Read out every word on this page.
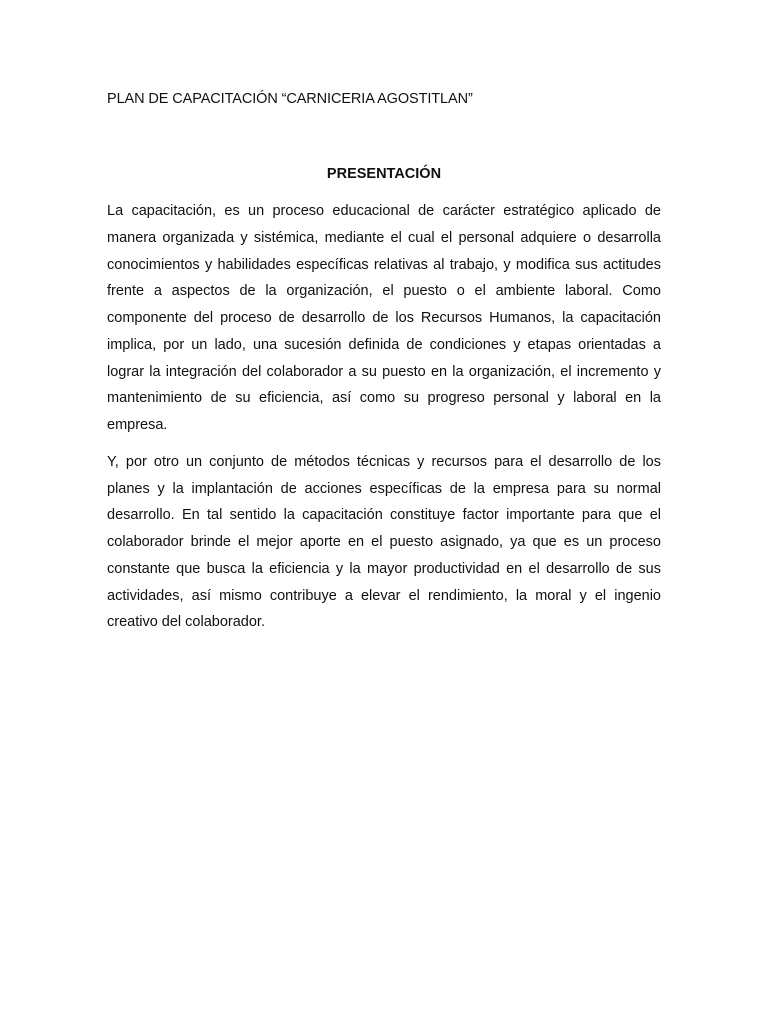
PLAN DE CAPACITACIÓN “CARNICERIA AGOSTITLAN”

PRESENTACIÓN

La capacitación, es un proceso educacional de carácter estratégico aplicado de manera organizada y sistémica, mediante el cual el personal adquiere o desarrolla conocimientos y habilidades específicas relativas al trabajo, y modifica sus actitudes frente a aspectos de la organización, el puesto o el ambiente laboral. Como componente del proceso de desarrollo de los Recursos Humanos, la capacitación implica, por un lado, una sucesión definida de condiciones y etapas orientadas a lograr la integración del colaborador a su puesto en la organización, el incremento y mantenimiento de su eficiencia, así como su progreso personal y laboral en la empresa.

Y, por otro un conjunto de métodos técnicas y recursos para el desarrollo de los planes y la implantación de acciones específicas de la empresa para su normal desarrollo. En tal sentido la capacitación constituye factor importante para que el colaborador brinde el mejor aporte en el puesto asignado, ya que es un proceso constante que busca la eficiencia y la mayor productividad en el desarrollo de sus actividades, así mismo contribuye a elevar el rendimiento, la moral y el ingenio creativo del colaborador.
